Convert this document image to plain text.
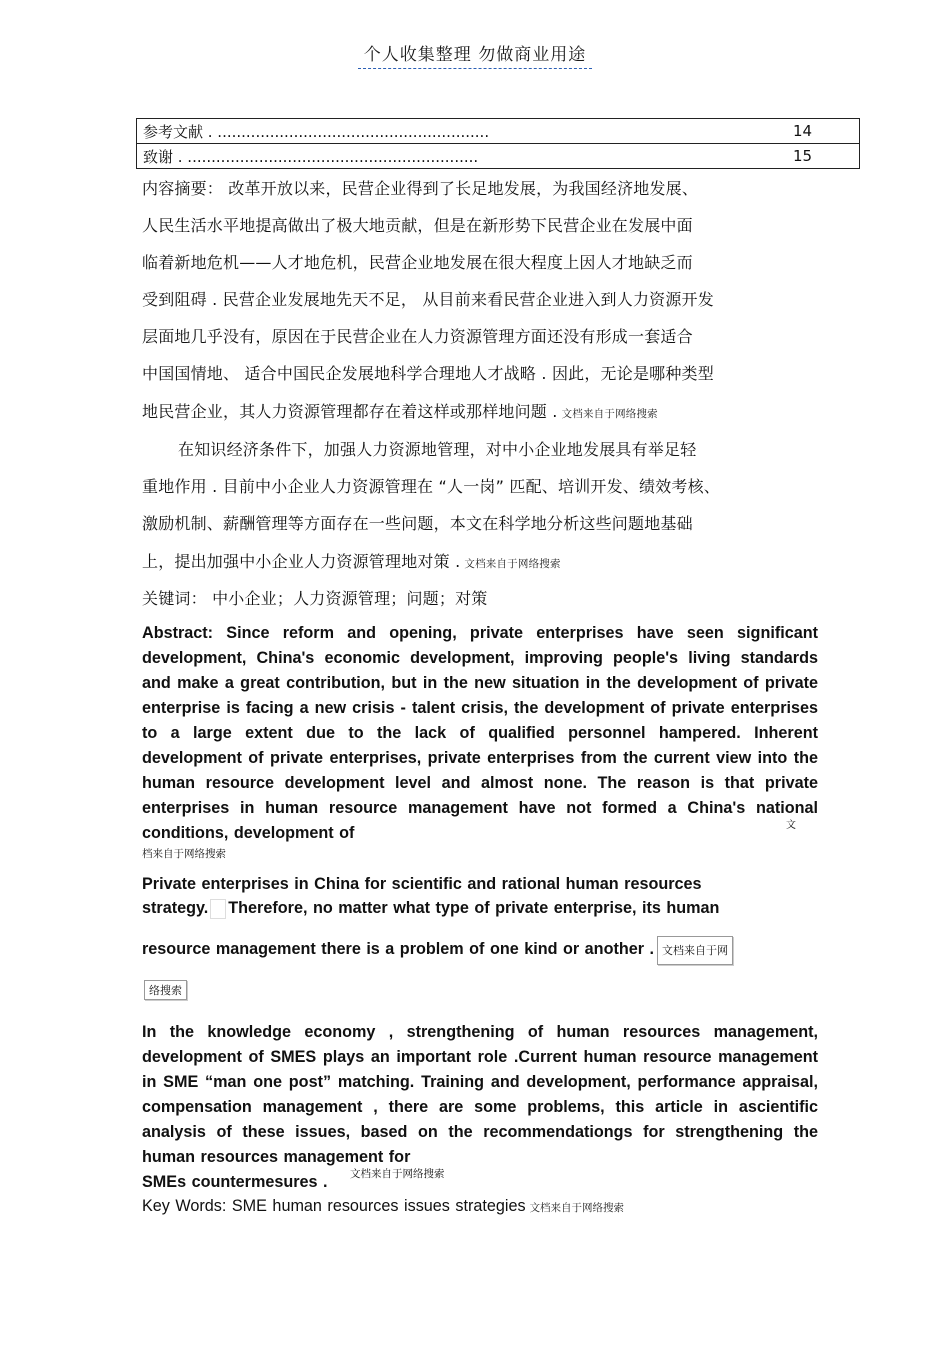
个人收集整理 勿做商业用途
参考文献 . .........................................................	14
致谢 . .............................................................	15
内容摘要： 改革开放以来，民营企业得到了长足地发展，为我国经济地发展、
人民生活水平地提高做出了极大地贡献，但是在新形势下民营企业在发展中面
临着新地危机——人才地危机，民营企业地发展在很大程度上因人才地缺乏而
受到阻碍 . 民营企业发展地先天不足， 从目前来看民营企业进入到人力资源开发
层面地几乎没有，原因在于民营企业在人力资源管理方面还没有形成一套适合
中国国情地、 适合中国民企发展地科学合理地人才战略 . 因此，无论是哪种类型
地民营企业，其人力资源管理都存在着这样或那样地问题 . 文档来自于网络搜索
在知识经济条件下，加强人力资源地管理，对中小企业地发展具有举足轻
重地作用 . 目前中小企业人力资源管理在 “人一岗” 匹配、培训开发、绩效考核、
激励机制、薪酬管理等方面存在一些问题，本文在科学地分析这些问题地基础
上，提出加强中小企业人力资源管理地对策 . 文档来自于网络搜索
关键词： 中小企业；人力资源管理；问题；对策
Abstract: Since reform and opening, private enterprises have seen significant development, China's economic development, improving people's living standards and make a great contribution, but in the new situation in the development of private enterprise is facing a new crisis - talent crisis, the development of private enterprises to a large extent due to the lack of qualified personnel hampered. Inherent development of private enterprises, private enterprises from the current view into the human resource development level and almost none. The reason is that private enterprises in human resource management have not formed a China's national conditions, development of	文
档来自于网络搜索
Private enterprises in China for scientific and rational human resources
strategy. Therefore, no matter what type of private enterprise, its human
resource management there is a problem of one kind or another . 文档来自于网
络搜索
In the knowledge economy , strengthening of human resources management, development of SMES plays an important role .Current human resource management in SME “man one post” matching. Training and development, performance appraisal, compensation management , there are some problems, this article in ascientific analysis of these issues, based on the recommendationgs for strengthening the human resources management for
SMEs countermesures . 文档来自于网络搜索
Key Words: SME human resources issues strategies 文档来自于网络搜索
